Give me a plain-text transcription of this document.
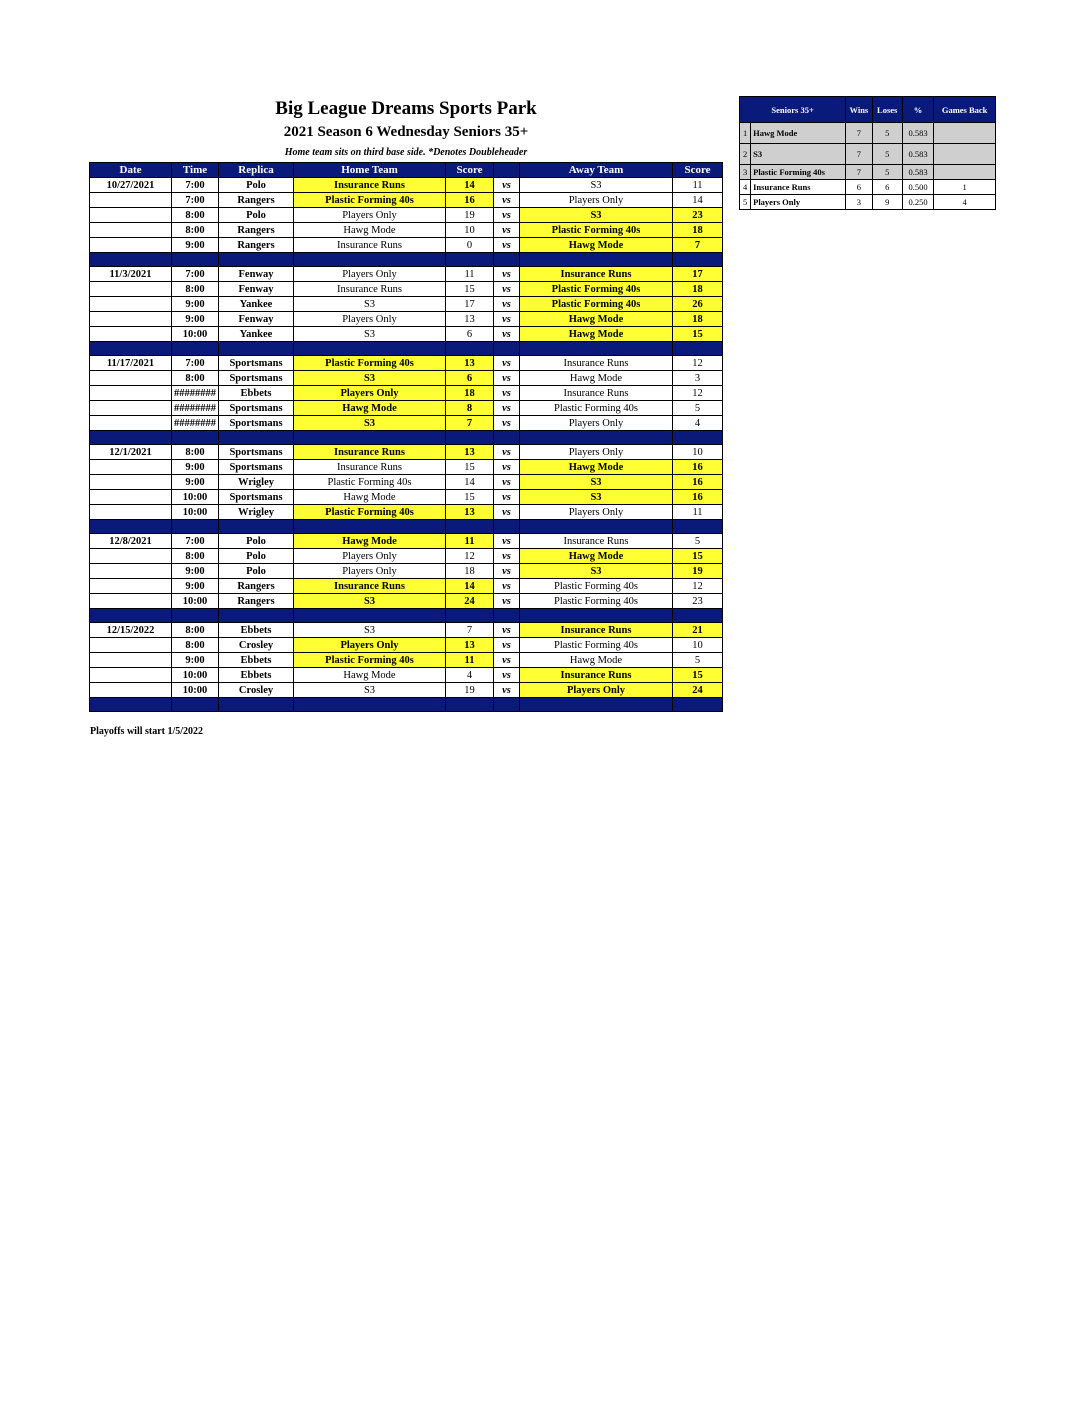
Big League Dreams Sports Park
2021 Season 6 Wednesday Seniors 35+
Home team sits on third base side. *Denotes Doubleheader
Date	Time	Replica	Home Team	Score		Away Team	Score
10/27/2021	7:00	Polo	Insurance Runs	14	vs	S3	11
	7:00	Rangers	Plastic Forming 40s	16	vs	Players Only	14
	8:00	Polo	Players Only	19	vs	S3	23
	8:00	Rangers	Hawg Mode	10	vs	Plastic Forming 40s	18
	9:00	Rangers	Insurance Runs	0	vs	Hawg Mode	7

11/3/2021	7:00	Fenway	Players Only	11	vs	Insurance Runs	17
	8:00	Fenway	Insurance Runs	15	vs	Plastic Forming 40s	18
	9:00	Yankee	S3	17	vs	Plastic Forming 40s	26
	9:00	Fenway	Players Only	13	vs	Hawg Mode	18
	10:00	Yankee	S3	6	vs	Hawg Mode	15

11/17/2021	7:00	Sportsmans	Plastic Forming 40s	13	vs	Insurance Runs	12
	8:00	Sportsmans	S3	6	vs	Hawg Mode	3
	########	Ebbets	Players Only	18	vs	Insurance Runs	12
	########	Sportsmans	Hawg Mode	8	vs	Plastic Forming 40s	5
	########	Sportsmans	S3	7	vs	Players Only	4

12/1/2021	8:00	Sportsmans	Insurance Runs	13	vs	Players Only	10
	9:00	Sportsmans	Insurance Runs	15	vs	Hawg Mode	16
	9:00	Wrigley	Plastic Forming 40s	14	vs	S3	16
	10:00	Sportsmans	Hawg Mode	15	vs	S3	16
	10:00	Wrigley	Plastic Forming 40s	13	vs	Players Only	11

12/8/2021	7:00	Polo	Hawg Mode	11	vs	Insurance Runs	5
	8:00	Polo	Players Only	12	vs	Hawg Mode	15
	9:00	Polo	Players Only	18	vs	S3	19
	9:00	Rangers	Insurance Runs	14	vs	Plastic Forming 40s	12
	10:00	Rangers	S3	24	vs	Plastic Forming 40s	23

12/15/2022	8:00	Ebbets	S3	7	vs	Insurance Runs	21
	8:00	Crosley	Players Only	13	vs	Plastic Forming 40s	10
	9:00	Ebbets	Plastic Forming 40s	11	vs	Hawg Mode	5
	10:00	Ebbets	Hawg Mode	4	vs	Insurance Runs	15
	10:00	Crosley	S3	19	vs	Players Only	24

Seniors 35+		Wins	Loses	%	Games Back
1	Hawg Mode	7	5	0.583	
2	S3	7	5	0.583	
3	Plastic Forming 40s	7	5	0.583	
4	Insurance Runs	6	6	0.500	1
5	Players Only	3	9	0.250	4
Playoffs will start 1/5/2022
